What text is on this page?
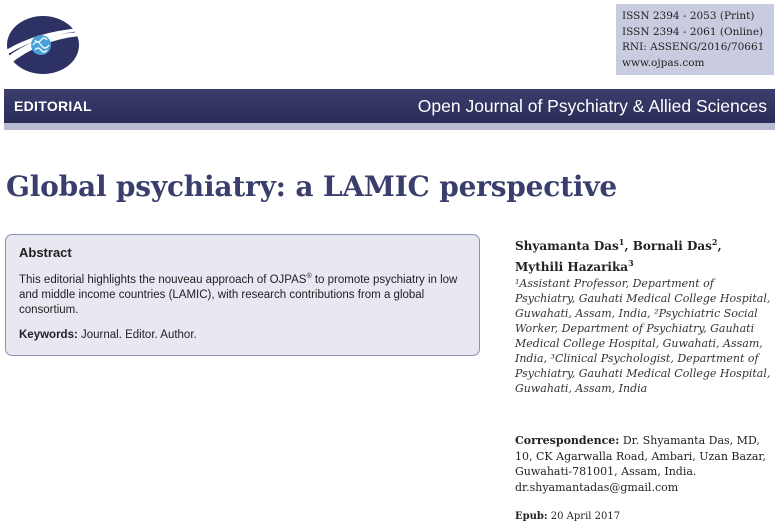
ISSN 2394 - 2053 (Print)
ISSN 2394 - 2061 (Online)
RNI: ASSENG/2016/70661
www.ojpas.com
EDITORIAL	Open Journal of Psychiatry & Allied Sciences
Global psychiatry: a LAMIC perspective
Abstract

This editorial highlights the nouveau approach of OJPAS® to promote psychiatry in low and middle income countries (LAMIC), with research contributions from a global consortium.

Keywords: Journal. Editor. Author.
Shyamanta Das$^1$, Bornali Das$^2$,
Mythili Hazarika$^3$
¹Assistant Professor, Department of Psychiatry, Gauhati Medical College Hospital, Guwahati, Assam, India, ²Psychiatric Social Worker, Department of Psychiatry, Gauhati Medical College Hospital, Guwahati, Assam, India, ³Clinical Psychologist, Department of Psychiatry, Gauhati Medical College Hospital, Guwahati, Assam, India
Correspondence: Dr. Shyamanta Das, MD, 10, CK Agarwalla Road, Ambari, Uzan Bazar, Guwahati-781001, Assam, India.
dr.shyamantadas@gmail.com
Epub: 20 April 2017
